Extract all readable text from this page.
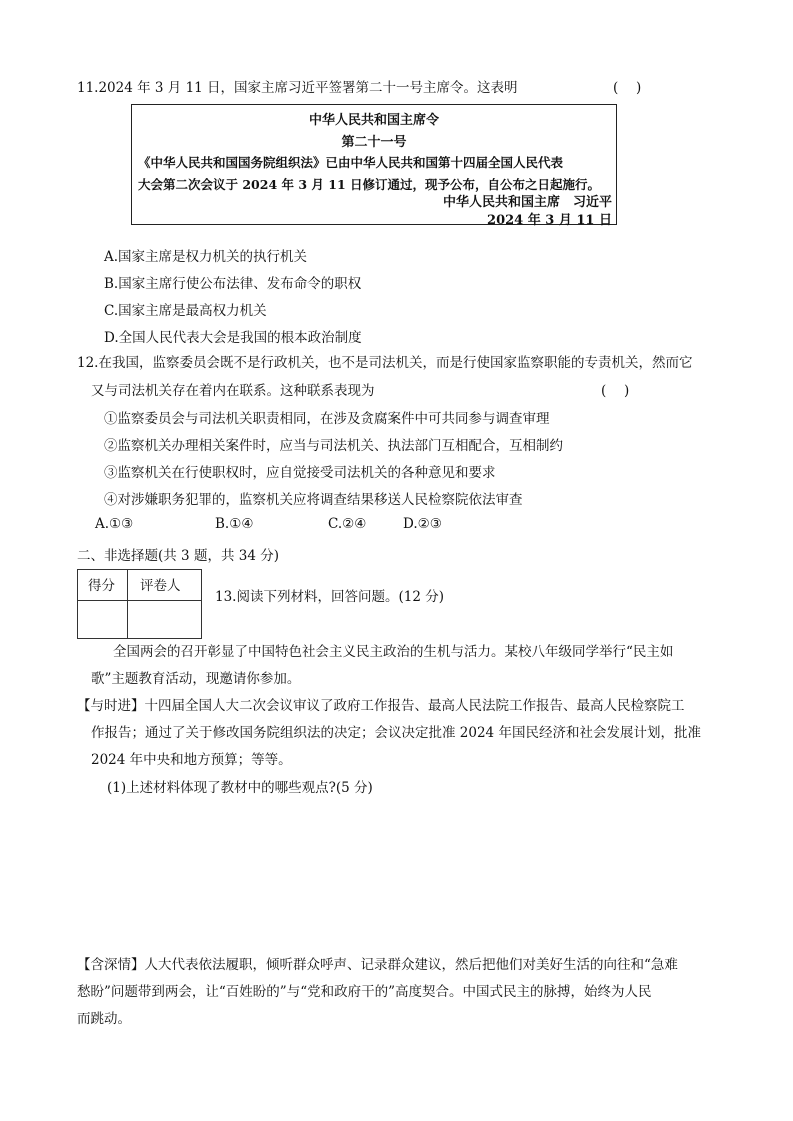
11.2024 年 3 月 11 日，国家主席习近平签署第二十一号主席令。这表明	(　 )
中华人民共和国主席令
第二十一号
《中华人民共和国国务院组织法》已由中华人民共和国第十四届全国人民代表
大会第二次会议于 2024 年 3 月 11 日修订通过，现予公布，自公布之日起施行。
中华人民共和国主席　习近平
2024 年 3 月 11 日
A.国家主席是权力机关的执行机关
B.国家主席行使公布法律、发布命令的职权
C.国家主席是最高权力机关
D.全国人民代表大会是我国的根本政治制度
12.在我国，监察委员会既不是行政机关，也不是司法机关，而是行使国家监察职能的专责机关，然而它
又与司法机关存在着内在联系。这种联系表现为	(　 )
①监察委员会与司法机关职责相同，在涉及贪腐案件中可共同参与调查审理
②监察机关办理相关案件时，应当与司法机关、执法部门互相配合，互相制约
③监察机关在行使职权时，应自觉接受司法机关的各种意见和要求
④对涉嫌职务犯罪的，监察机关应将调查结果移送人民检察院依法审查
A.①③	B.①④	C.②④	D.②③
二、非选择题(共 3 题，共 34 分)
得分 评卷人
13.阅读下列材料，回答问题。(12 分)
全国两会的召开彰显了中国特色社会主义民主政治的生机与活力。某校八年级同学举行“民主如
歌”主题教育活动，现邀请你参加。
【与时进】十四届全国人大二次会议审议了政府工作报告、最高人民法院工作报告、最高人民检察院工
作报告；通过了关于修改国务院组织法的决定；会议决定批准 2024 年国民经济和社会发展计划，批准
2024 年中央和地方预算；等等。
(1)上述材料体现了教材中的哪些观点?(5 分)
【含深情】人大代表依法履职，倾听群众呼声、记录群众建议，然后把他们对美好生活的向往和“急难
愁盼”问题带到两会，让“百姓盼的”与“党和政府干的”高度契合。中国式民主的脉搏，始终为人民
而跳动。
